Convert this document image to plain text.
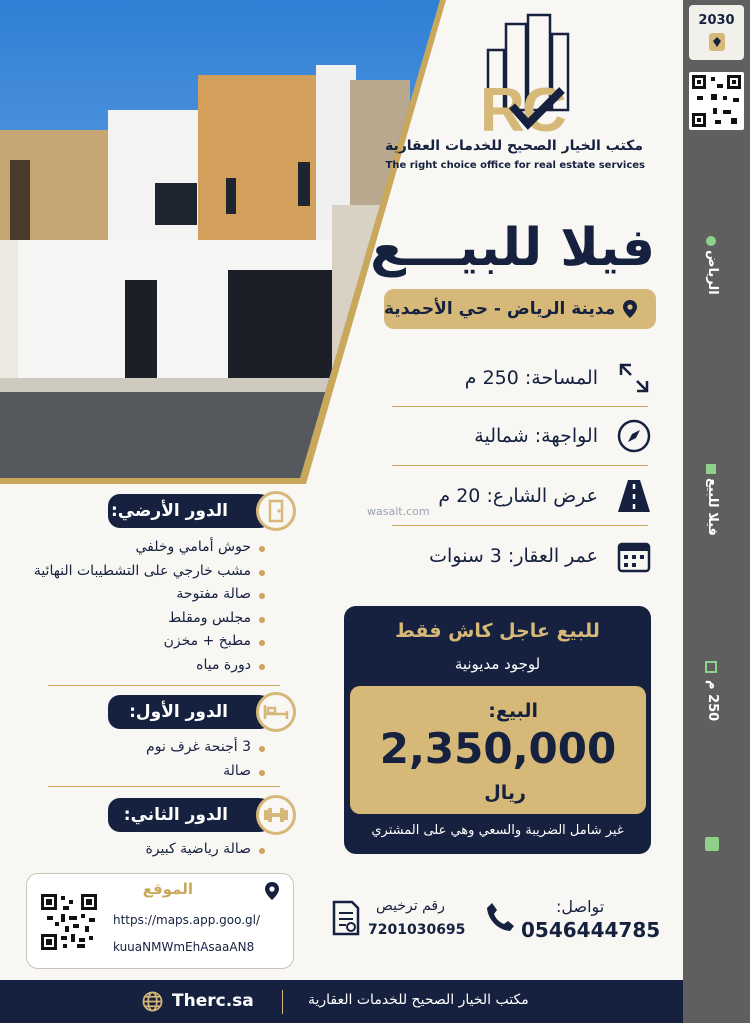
R
C
مكتب الخيار الصحيح للخدمات العقارية
The right choice office for real estate services
فيلا للبيـــع
مدينة الرياض - حي الأحمدية
المساحة: 250 م
الواجهة: شمالية
عرض الشارع: 20 م
عمر العقار: 3 سنوات
wasalt.com
الدور الأرضي:
حوش أمامي وخلفي
مشب خارجي على التشطيبات النهائية
صالة مفتوحة
مجلس ومقلط
مطبخ + مخزن
دورة مياه
الدور الأول:
3 أجنحة غرف نوم
صالة
الدور الثاني:
صالة رياضية كبيرة
للبيع عاجل كاش فقط
لوجود مديونية
البيع:
2,350,000
ريال
غير شامل الضريبة والسعي وهي على المشتري
الموقع
https://maps.app.goo.gl/
kuuaNMWmEhAsaaAN8
رقم ترخيص
7201030695
تواصل:
0546444785
Therc.sa	مكتب الخيار الصحيح للخدمات العقارية
2030
الرياض
فيلا للبيع
250 م
